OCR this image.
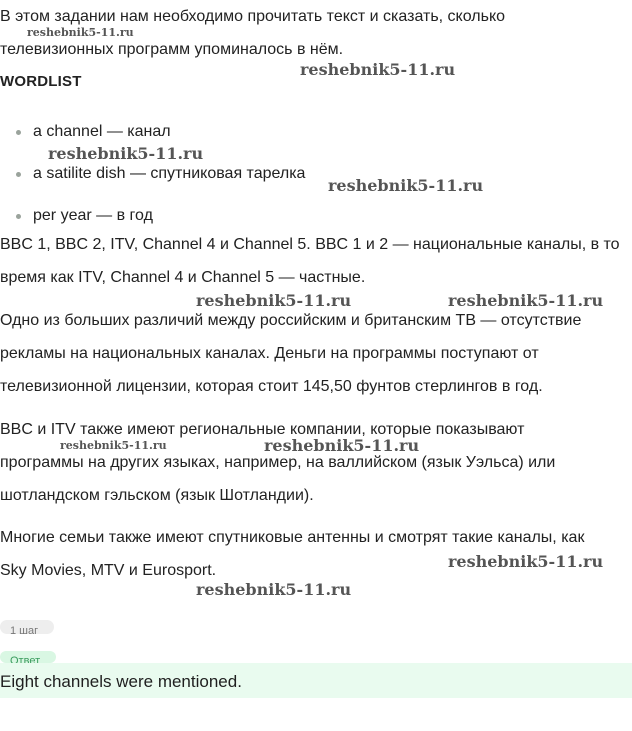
В этом задании нам необходимо прочитать текст и сказать, сколько
телевизионных программ упоминалось в нём.
WORDLIST
a channel — канал
a satilite dish — спутниковая тарелка
per year — в год
BBC 1, BBC 2, ITV, Channel 4 и Channel 5. BBC 1 и 2 — национальные каналы, в то
время как ITV, Channel 4 и Channel 5 — частные.
Одно из больших различий между российским и британским ТВ — отсутствие
рекламы на национальных каналах. Деньги на программы поступают от
телевизионной лицензии, которая стоит 145,50 фунтов стерлингов в год.
BBC и ITV также имеют региональные компании, которые показывают
программы на других языках, например, на валлийском (язык Уэльса) или
шотландском гэльском (язык Шотландии).
Многие семьи также имеют спутниковые антенны и смотрят такие каналы, как
Sky Movies, MTV и Eurosport.
reshebnik5-11.ru
reshebnik5-11.ru
reshebnik5-11.ru
reshebnik5-11.ru
reshebnik5-11.ru	reshebnik5-11.ru
reshebnik5-11.ru	reshebnik5-11.ru
reshebnik5-11.ru
reshebnik5-11.ru
1 шаг
Ответ
Eight channels were mentioned.
